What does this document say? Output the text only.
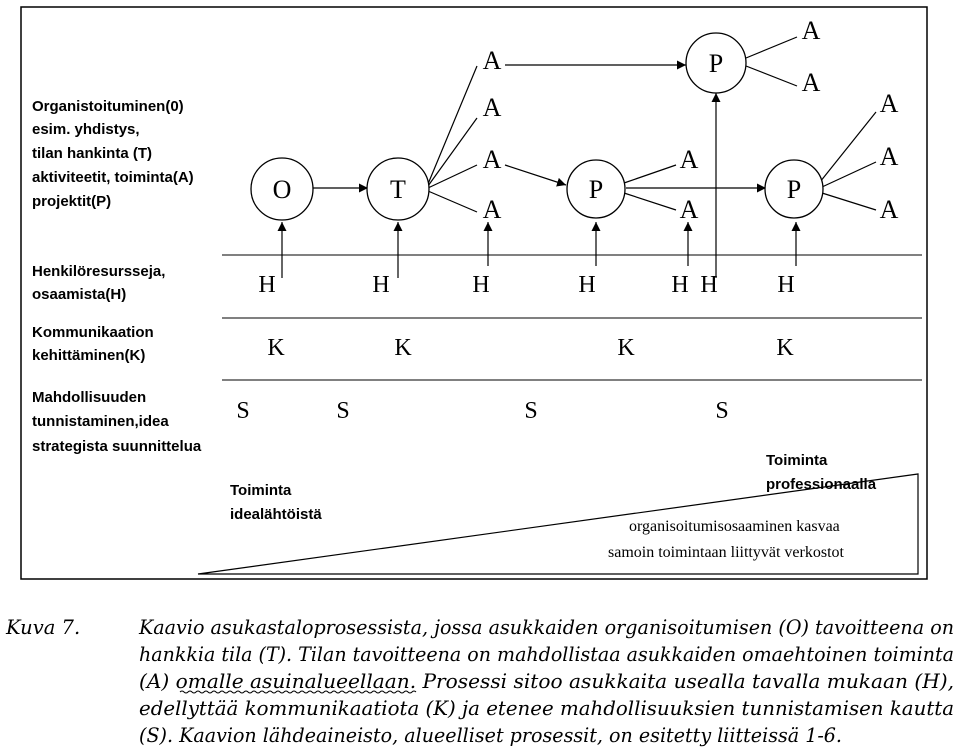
Organistoituminen(0)
esim. yhdistys,
tilan hankinta (T)
aktiviteetit, toiminta(A)
projektit(P)
Henkilöresursseja,
osaamista(H)
Kommunikaation
kehittäminen(K)
Mahdollisuuden
tunnistaminen,idea
strategista suunnittelua
O	T	P	P
P
A
A
A
A
A
A
A
A
A
A
A
H	H	H	H	H H H
K	K	K	K
S	S	S	S
Toiminta
idealähtöistä
Toiminta
professionaalla
organisoitumisosaaminen kasvaa
samoin toimintaan liittyvät verkostot
Kuva 7.	Kaavio asukastaloprosessista, jossa asukkaiden organisoitumisen (O) tavoitteena on
hankkia tila (T). Tilan tavoitteena on mahdollistaa asukkaiden omaehtoinen toiminta
(A) omalle asuinalueellaan. Prosessi sitoo asukkaita usealla tavalla mukaan (H),
edellyttää kommunikaatiota (K) ja etenee mahdollisuuksien tunnistamisen kautta
(S). Kaavion lähdeaineisto, alueelliset prosessit, on esitetty liitteissä 1-6.
